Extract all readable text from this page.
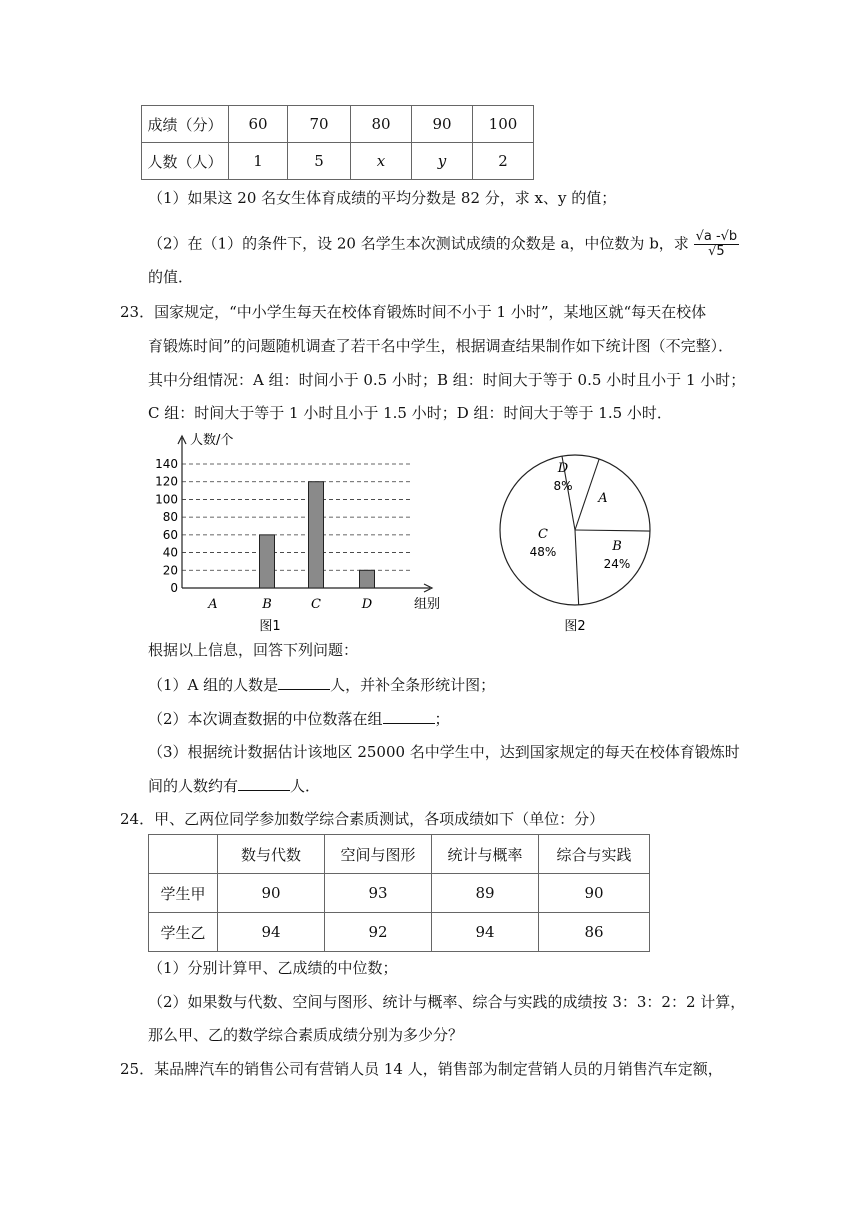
成绩（分）	60	70	80	90	100
人数（人）	1	5	x	y	2
（1）如果这 20 名女生体育成绩的平均分数是 82 分，求 x、y 的值；
（2）在（1）的条件下，设 20 名学生本次测试成绩的众数是 a，中位数为 b，求 $\frac{√a -√b}{√5}$
的值．
23．国家规定，“中小学生每天在校体育锻炼时间不小于 1 小时”，某地区就“每天在校体
育锻炼时间”的问题随机调查了若干名中学生，根据调查结果制作如下统计图（不完整）．
其中分组情况：A 组：时间小于 0.5 小时；B 组：时间大于等于 0.5 小时且小于 1 小时；
C 组：时间大于等于 1 小时且小于 1.5 小时；D 组：时间大于等于 1.5 小时．
0
20
40
60
80
100
120
140
人数/个
组别
A	B	C	D
图1
D
8%
A
B
24%
C
48%
图2
根据以上信息，回答下列问题：
（1）A 组的人数是	人，并补全条形统计图；
（2）本次调查数据的中位数落在组	；
（3）根据统计数据估计该地区 25000 名中学生中，达到国家规定的每天在校体育锻炼时
间的人数约有	人．
24．甲、乙两位同学参加数学综合素质测试，各项成绩如下（单位：分）
	数与代数	空间与图形	统计与概率	综合与实践
学生甲	90	93	89	90
学生乙	94	92	94	86
（1）分别计算甲、乙成绩的中位数；
（2）如果数与代数、空间与图形、统计与概率、综合与实践的成绩按 3：3：2：2 计算，
那么甲、乙的数学综合素质成绩分别为多少分？
25．某品牌汽车的销售公司有营销人员 14 人，销售部为制定营销人员的月销售汽车定额，
